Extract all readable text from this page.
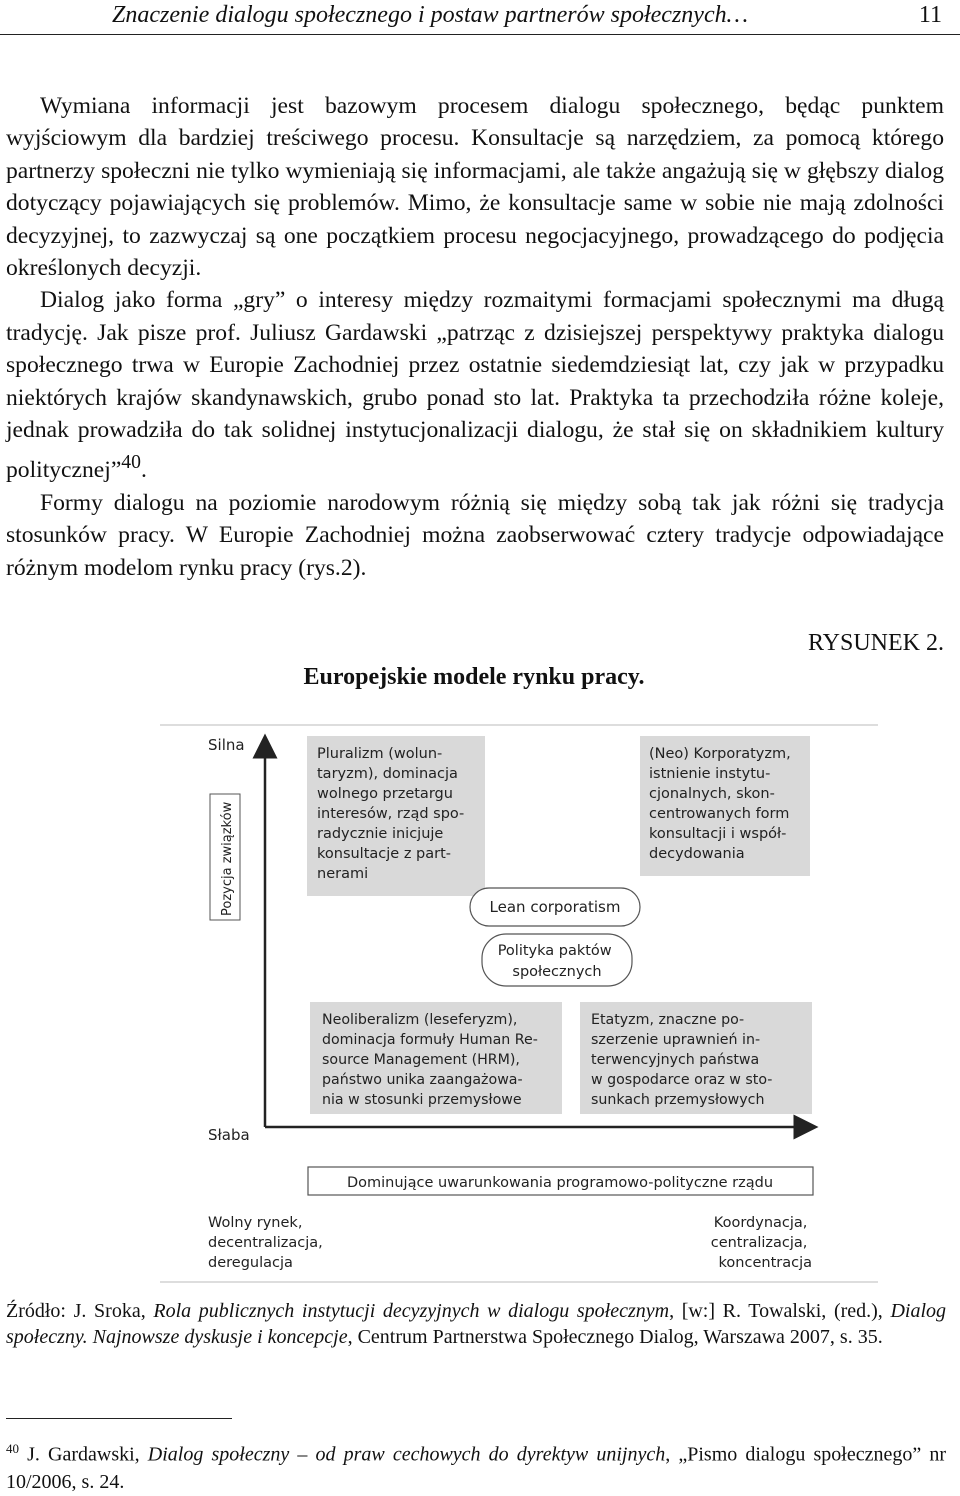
Znaczenie dialogu społecznego i postaw partnerów społecznych…	11

Wymiana informacji jest bazowym procesem dialogu społecznego, będąc punktem wyjściowym dla bardziej treściwego procesu. Konsultacje są narzędziem, za pomocą którego partnerzy społeczni nie tylko wymieniają się informacjami, ale także angażują się w głębszy dialog dotyczący pojawiających się problemów. Mimo, że konsultacje same w sobie nie mają zdolności decyzyjnej, to zazwyczaj są one początkiem procesu negocjacyjnego, prowadzącego do podjęcia określonych decyzji.

Dialog jako forma „gry” o interesy między rozmaitymi formacjami społecznymi ma długą tradycję. Jak pisze prof. Juliusz Gardawski „patrząc z dzisiejszej perspektywy praktyka dialogu społecznego trwa w Europie Zachodniej przez ostatnie siedemdziesiąt lat, czy jak w przypadku niektórych krajów skandynawskich, grubo ponad sto lat. Praktyka ta przechodziła różne koleje, jednak prowadziła do tak solidnej instytucjonalizacji dialogu, że stał się on składnikiem kultury politycznej”$^{40}$.

Formy dialogu na poziomie narodowym różnią się między sobą tak jak różni się tradycja stosunków pracy. W Europie Zachodniej można zaobserwować cztery tradycje odpowiadające różnym modelom rynku pracy (rys.2).

RYSUNEK 2.
Europejskie modele rynku pracy.
Silna
Słaba
Pozycja związków
Pluralizm (wolun- taryzm), dominacja wolnego przetargu interesów, rząd spo- radycznie inicjuje konsultacje z part- nerami
(Neo) Korporatyzm, istnienie instytu- cjonalnych, skon- centrowanych form konsultacji i współ- decydowania
Lean corporatism
Polityka paktów społecznych
Neoliberalizm (leseferyzm), dominacja formuły Human Re- source Management (HRM), państwo unika zaangażowa- nia w stosunki przemysłowe
Etatyzm, znaczne po- szerzenie uprawnień in- terwencyjnych państwa w gospodarce oraz w sto- sunkach przemysłowych
Dominujące uwarunkowania programowo-polityczne rządu
Wolny rynek, decentralizacja, deregulacja
Koordynacja, centralizacja, koncentracja
Źródło: J. Sroka, Rola publicznych instytucji decyzyjnych w dialogu społecznym, [w:] R. Towalski, (red.), Dialog społeczny. Najnowsze dyskusje i koncepcje, Centrum Partnerstwa Społecznego Dialog, Warszawa 2007, s. 35.
$^{40}$ J. Gardawski, Dialog społeczny – od praw cechowych do dyrektyw unijnych, „Pismo dialogu społecznego” nr 10/2006, s. 24.
